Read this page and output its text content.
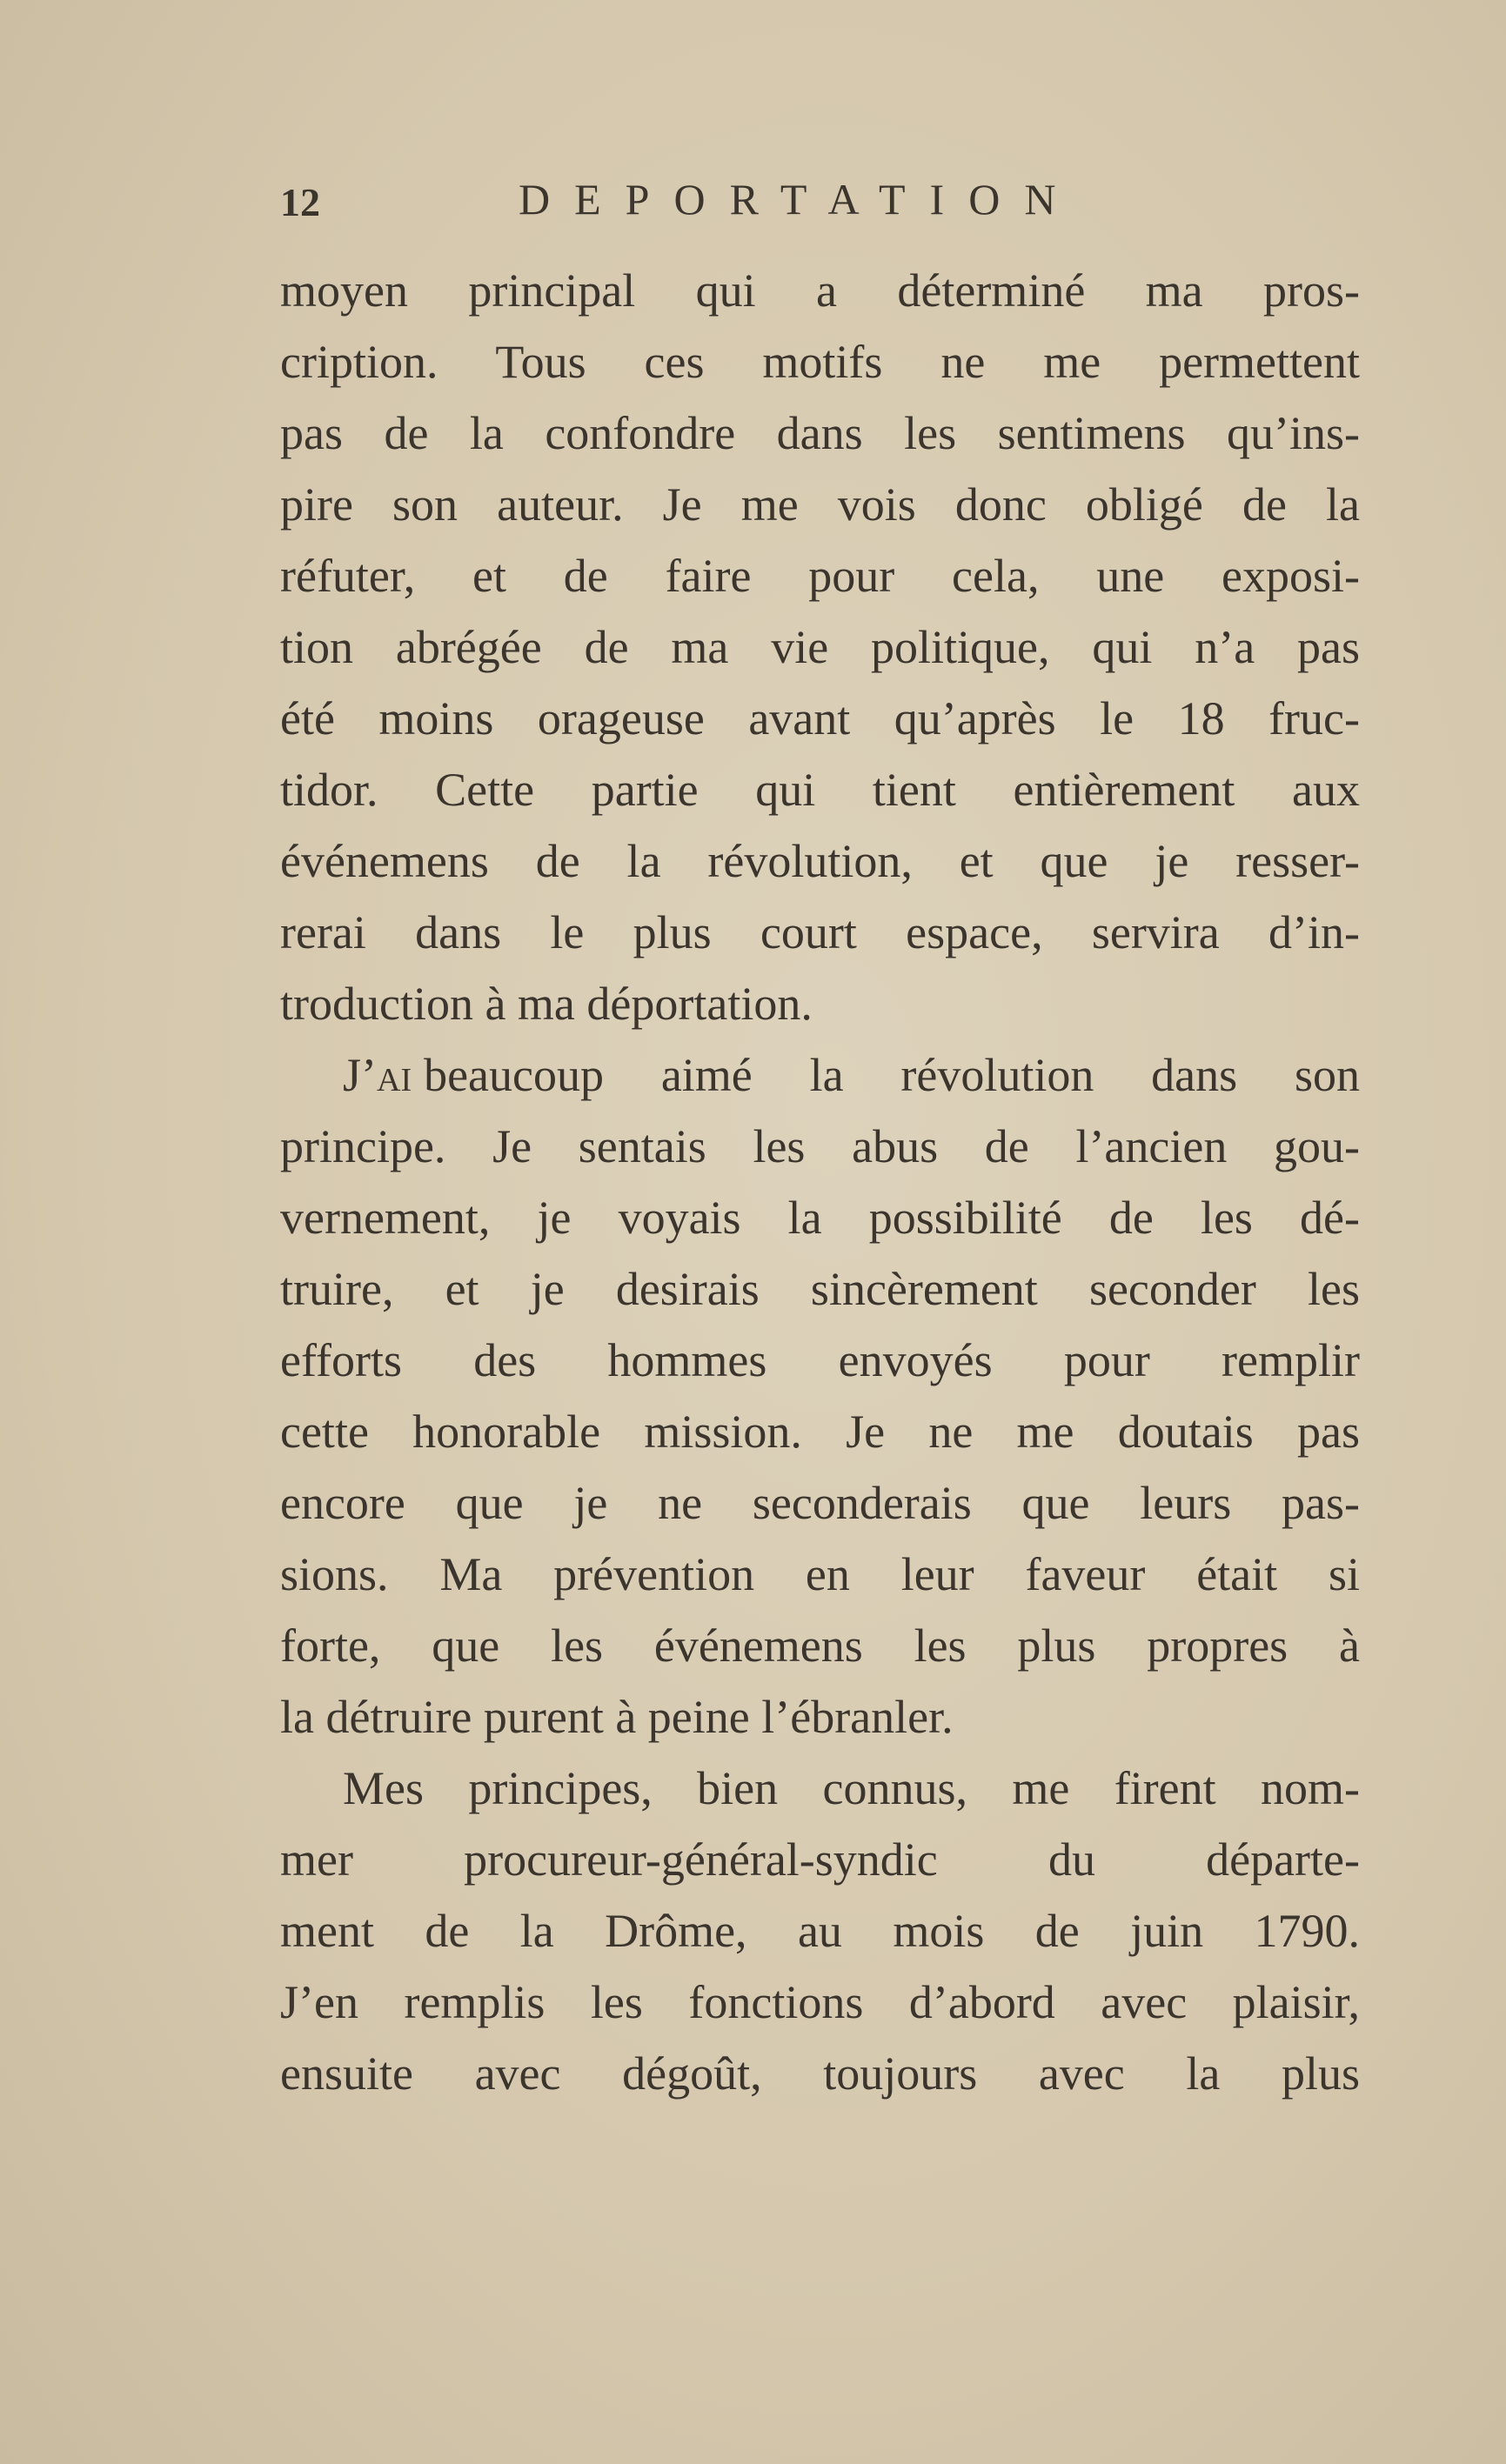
12	DEPORTATION
moyen principal qui a déterminé ma pros-
cription. Tous ces motifs ne me permettent
pas de la confondre dans les sentimens qu’ins-
pire son auteur. Je me vois donc obligé de la
réfuter, et de faire pour cela, une exposi-
tion abrégée de ma vie politique, qui n’a pas
été moins orageuse avant qu’après le 18 fruc-
tidor. Cette partie qui tient entièrement aux
événemens de la révolution, et que je resser-
rerai dans le plus court espace, servira d’in-
troduction à ma déportation.
J’ai beaucoup aimé la révolution dans son
principe. Je sentais les abus de l’ancien gou-
vernement, je voyais la possibilité de les dé-
truire, et je desirais sincèrement seconder les
efforts des hommes envoyés pour remplir
cette honorable mission. Je ne me doutais pas
encore que je ne seconderais que leurs pas-
sions. Ma prévention en leur faveur était si
forte, que les événemens les plus propres à
la détruire purent à peine l’ébranler.
Mes principes, bien connus, me firent nom-
mer procureur-général-syndic du départe-
ment de la Drôme, au mois de juin 1790.
J’en remplis les fonctions d’abord avec plaisir,
ensuite avec dégoût, toujours avec la plus
